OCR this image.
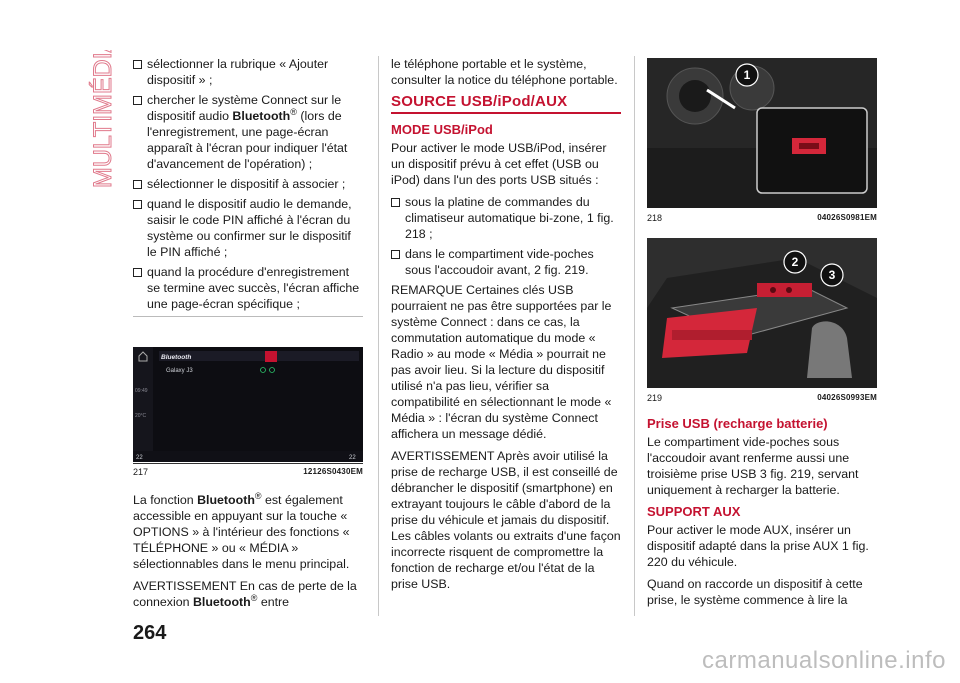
MULTIMÉDIA sélectionner la rubrique « Ajouter dispositif » ;
chercher le système Connect sur le dispositif audio Bluetooth® (lors de l'enregistrement, une page-écran apparaît à l'écran pour indiquer l'état d'avancement de l'opération) ;
sélectionner le dispositif à associer ;
quand le dispositif audio le demande, saisir le code PIN affiché à l'écran du système ou confirmer sur le dispositif le PIN affiché ;
quand la procédure d'enregistrement se termine avec succès, l'écran affiche une page-écran spécifique ;
Bluetooth
Galaxy J3
09:49
20°C
22	22
217	12126S0430EM

La fonction Bluetooth® est également accessible en appuyant sur la touche « OPTIONS » à l'intérieur des fonctions « TÉLÉPHONE » ou « MÉDIA » sélectionnables dans le menu principal.

AVERTISSEMENT En cas de perte de la connexion Bluetooth® entre

le téléphone portable et le système, consulter la notice du téléphone portable.

SOURCE USB/iPod/AUX
MODE USB/iPod

Pour activer le mode USB/iPod, insérer un dispositif prévu à cet effet (USB ou iPod) dans l'un des ports USB situés :

sous la platine de commandes du climatiseur automatique bi-zone, 1 fig. 218 ;
dans le compartiment vide-poches sous l'accoudoir avant, 2 fig. 219.

REMARQUE Certaines clés USB pourraient ne pas être supportées par le système Connect : dans ce cas, la commutation automatique du mode « Radio » au mode « Média » pourrait ne pas avoir lieu. Si la lecture du dispositif utilisé n'a pas lieu, vérifier sa compatibilité en sélectionnant le mode « Média » : l'écran du système Connect affichera un message dédié.

AVERTISSEMENT Après avoir utilisé la prise de recharge USB, il est conseillé de débrancher le dispositif (smartphone) en extrayant toujours le câble d'abord de la prise du véhicule et jamais du dispositif. Les câbles volants ou extraits d'une façon incorrecte risquent de compromettre la fonction de recharge et/ou l'état de la prise USB.

1
218	04026S0981EM
2
3
219	04026S0993EM
Prise USB (recharge batterie)

Le compartiment vide-poches sous l'accoudoir avant renferme aussi une troisième prise USB 3 fig. 219, servant uniquement à recharger la batterie.

SUPPORT AUX

Pour activer le mode AUX, insérer un dispositif adapté dans la prise AUX 1 fig. 220 du véhicule.

Quand on raccorde un dispositif à cette prise, le système commence à lire la

264
carmanualsonline.info
